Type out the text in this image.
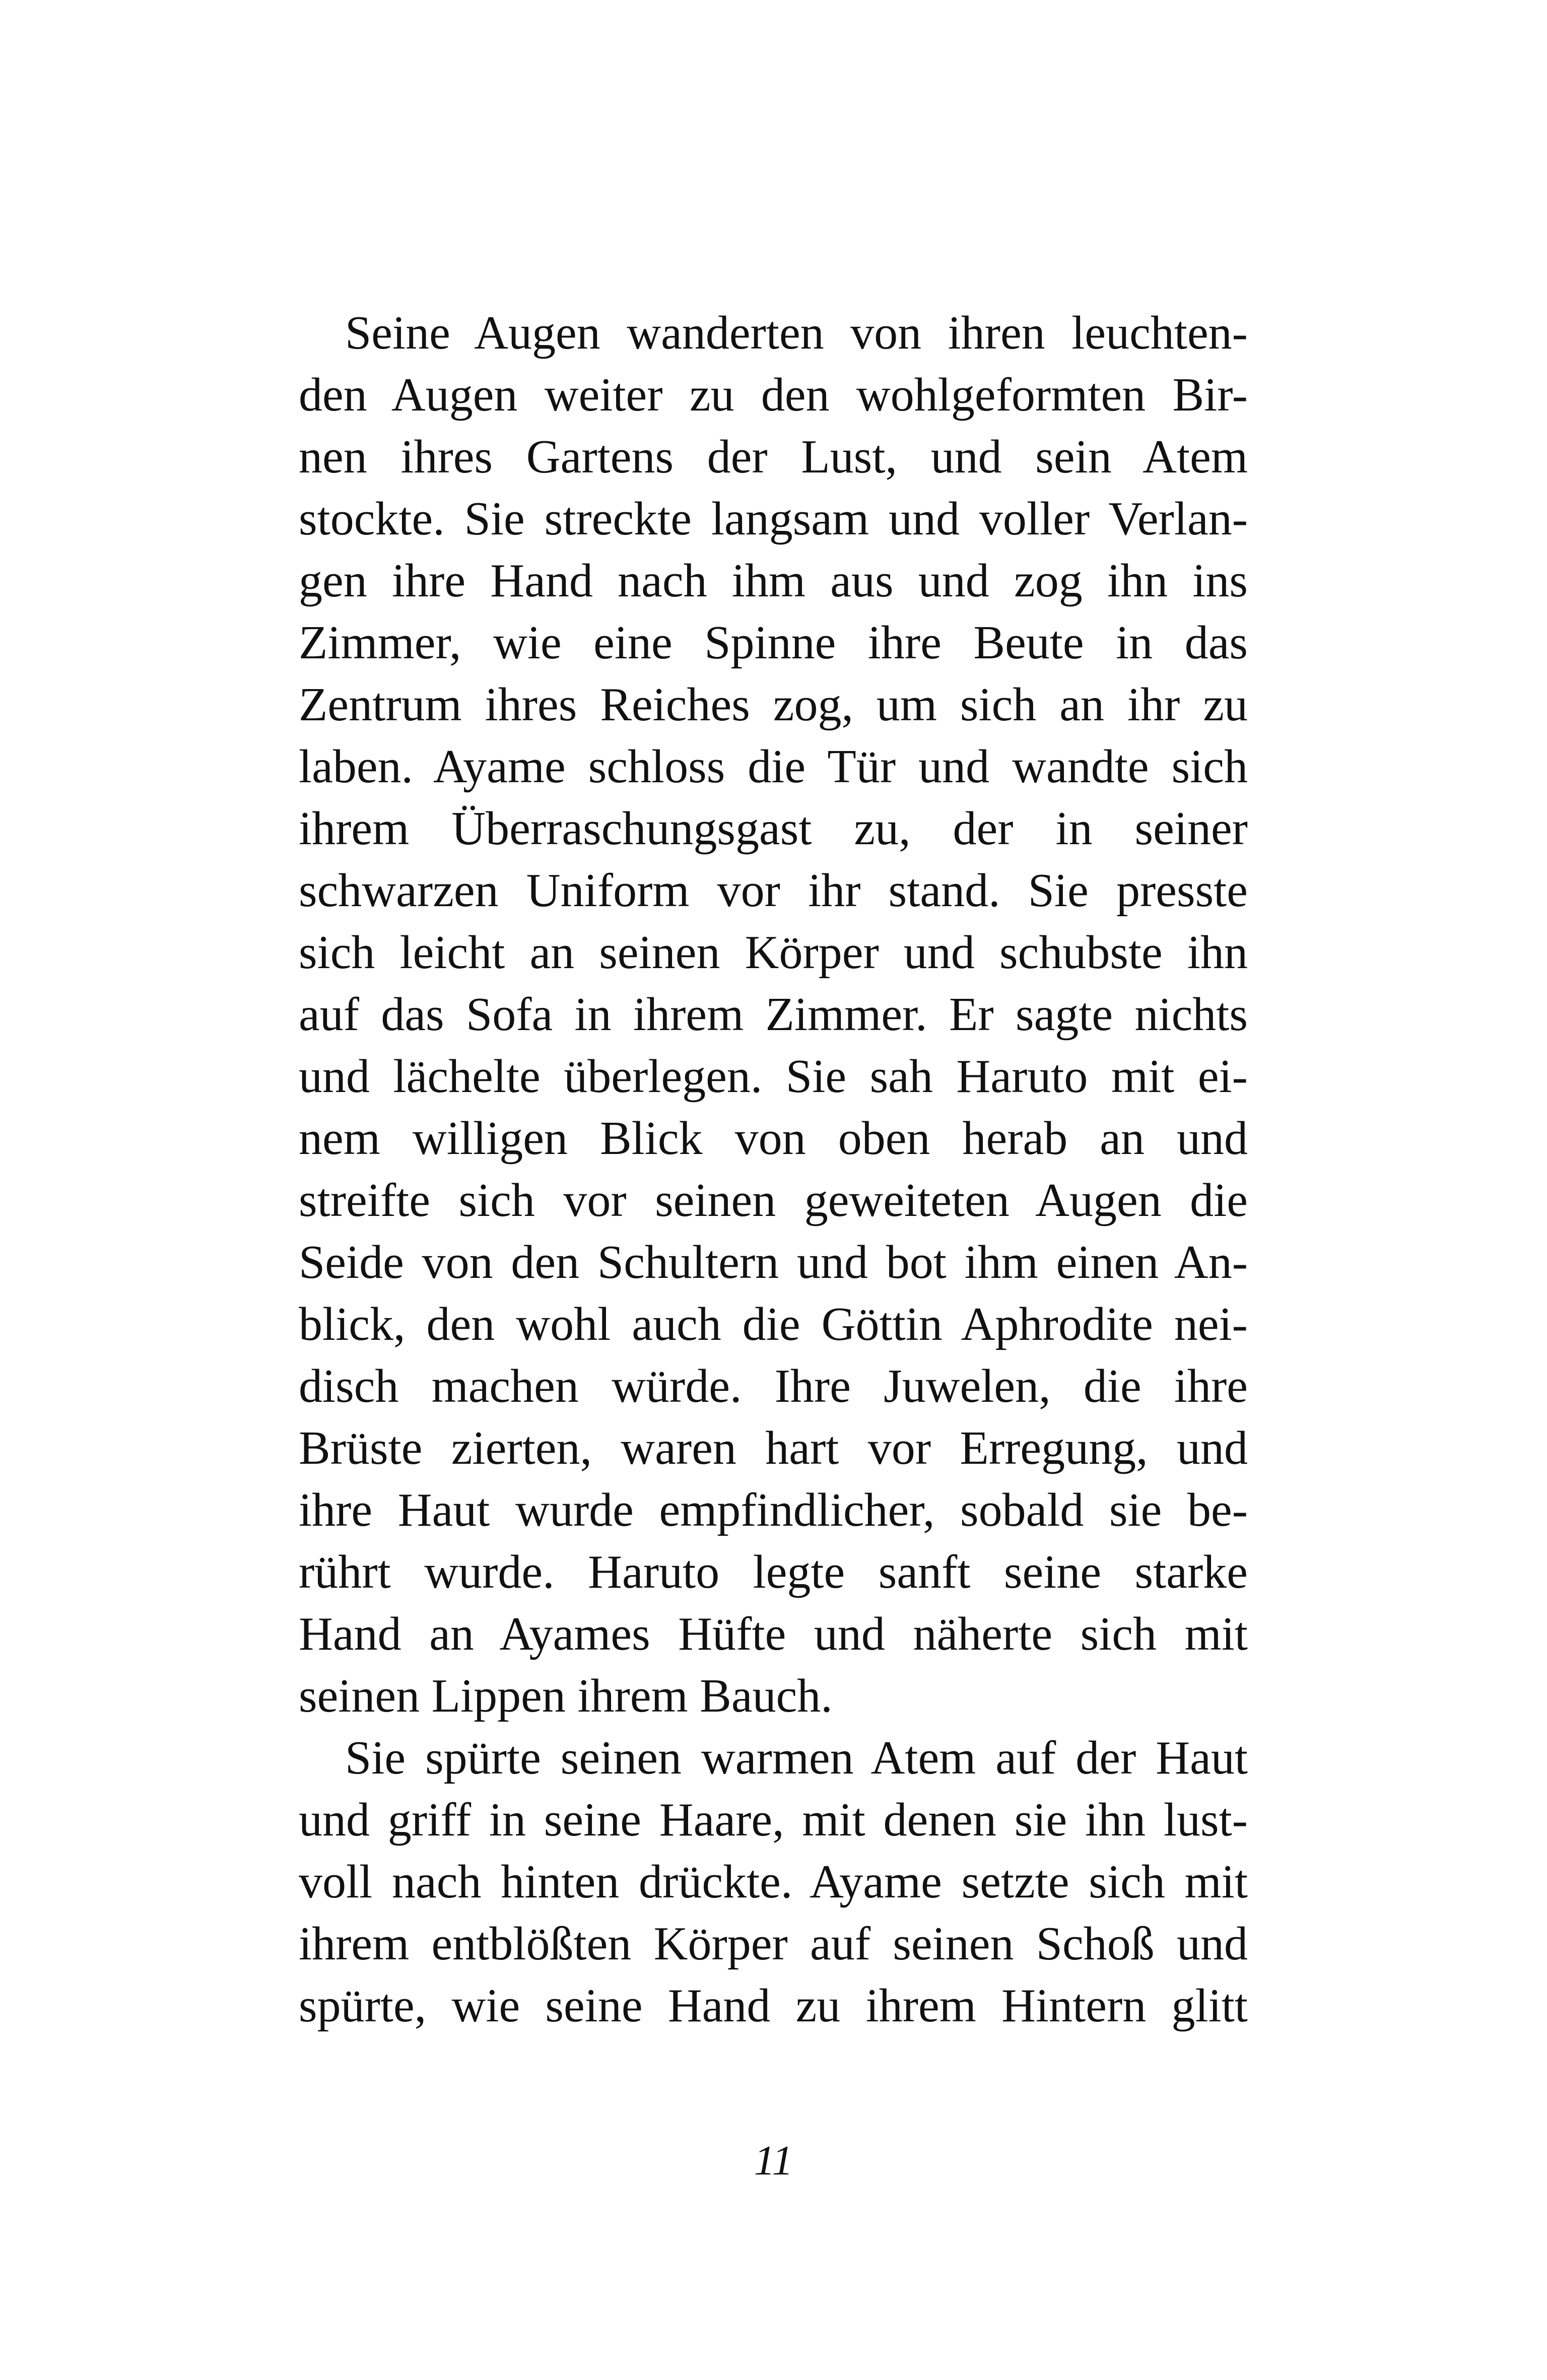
Seine Augen wanderten von ihren leuchten-
den Augen weiter zu den wohlgeformten Bir-
nen ihres Gartens der Lust, und sein Atem
stockte. Sie streckte langsam und voller Verlan-
gen ihre Hand nach ihm aus und zog ihn ins
Zimmer, wie eine Spinne ihre Beute in das
Zentrum ihres Reiches zog, um sich an ihr zu
laben. Ayame schloss die Tür und wandte sich
ihrem Überraschungsgast zu, der in seiner
schwarzen Uniform vor ihr stand. Sie presste
sich leicht an seinen Körper und schubste ihn
auf das Sofa in ihrem Zimmer. Er sagte nichts
und lächelte überlegen. Sie sah Haruto mit ei-
nem willigen Blick von oben herab an und
streifte sich vor seinen geweiteten Augen die
Seide von den Schultern und bot ihm einen An-
blick, den wohl auch die Göttin Aphrodite nei-
disch machen würde. Ihre Juwelen, die ihre
Brüste zierten, waren hart vor Erregung, und
ihre Haut wurde empfindlicher, sobald sie be-
rührt wurde. Haruto legte sanft seine starke
Hand an Ayames Hüfte und näherte sich mit
seinen Lippen ihrem Bauch.
Sie spürte seinen warmen Atem auf der Haut
und griff in seine Haare, mit denen sie ihn lust-
voll nach hinten drückte. Ayame setzte sich mit
ihrem entblößten Körper auf seinen Schoß und
spürte, wie seine Hand zu ihrem Hintern glitt
11
